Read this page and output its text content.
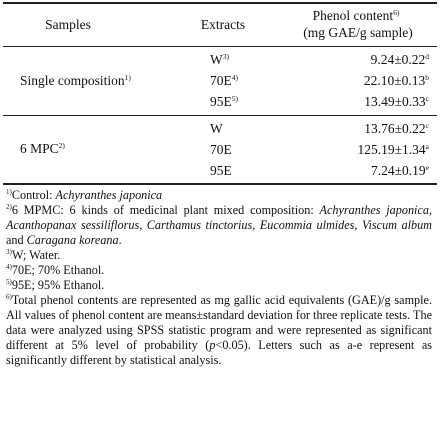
Samples	Extracts
Phenol content$^{6)}$
(mg GAE/g sample)
Single composition$^{1)}$
$W^{3)}$
$70E^{4)}$
$95E^{5)}$
9.24±0.22$^d$
22.10±0.13$^b$
13.49±0.33$^c$
6 MPC$^{2)}$
W
70E
95E
13.76±0.22$^c$
125.19±1.34$^a$
7.24±0.19$^e$

$^{1)}$Control: Achyranthes japonica

$^{2)}$6 MPMC: 6 kinds of medicinal plant mixed composition: Achyranthes japonica, Acanthopanax sessiliflorus, Carthamus tinctorius, Eucommia ulmides, Viscum album and Caragana koreana.

$^{3)}$W; Water.

$^{4)}$70E; 70% Ethanol.

$^{5)}$95E; 95% Ethanol.

$^{6)}$Total phenol contents are represented as mg gallic acid equivalents (GAE)/g sample. All values of phenol content are means±standard deviation for three replicate tests. The data were analyzed using SPSS statistic program and were represented as significant different at 5% level of probability (p<0.05). Letters such as a-e represent as significantly different by statistical analysis.
